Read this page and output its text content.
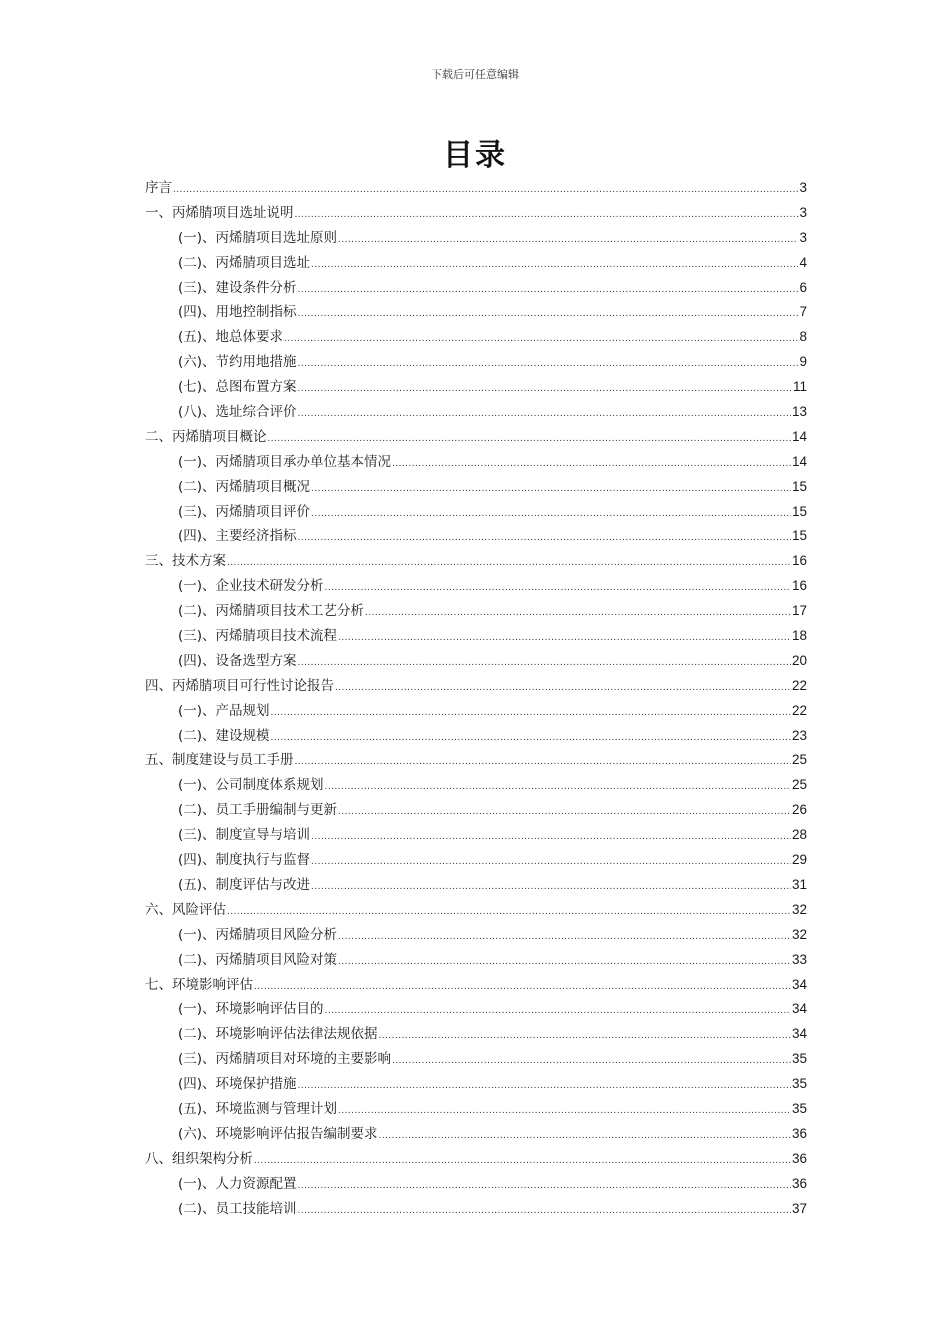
下载后可任意编辑
目录
序言 .....	3
一、丙烯腈项目选址说明 .....	3
(一)、丙烯腈项目选址原则 .....	3
(二)、丙烯腈项目选址 .....	4
(三)、建设条件分析 .....	6
(四)、用地控制指标 .....	7
(五)、地总体要求 .....	8
(六)、节约用地措施 .....	9
(七)、总图布置方案 .....	11
(八)、选址综合评价 .....	13
二、丙烯腈项目概论 .....	14
(一)、丙烯腈项目承办单位基本情况 .....	14
(二)、丙烯腈项目概况 .....	15
(三)、丙烯腈项目评价 .....	15
(四)、主要经济指标 .....	15
三、技术方案 .....	16
(一)、企业技术研发分析 .....	16
(二)、丙烯腈项目技术工艺分析 .....	17
(三)、丙烯腈项目技术流程 .....	18
(四)、设备选型方案 .....	20
四、丙烯腈项目可行性讨论报告 .....	22
(一)、产品规划 .....	22
(二)、建设规模 .....	23
五、制度建设与员工手册 .....	25
(一)、公司制度体系规划 .....	25
(二)、员工手册编制与更新 .....	26
(三)、制度宣导与培训 .....	28
(四)、制度执行与监督 .....	29
(五)、制度评估与改进 .....	31
六、风险评估 .....	32
(一)、丙烯腈项目风险分析 .....	32
(二)、丙烯腈项目风险对策 .....	33
七、环境影响评估 .....	34
(一)、环境影响评估目的 .....	34
(二)、环境影响评估法律法规依据 .....	34
(三)、丙烯腈项目对环境的主要影响 .....	35
(四)、环境保护措施 .....	35
(五)、环境监测与管理计划 .....	35
(六)、环境影响评估报告编制要求 .....	36
八、组织架构分析 .....	36
(一)、人力资源配置 .....	36
(二)、员工技能培训 .....	37
